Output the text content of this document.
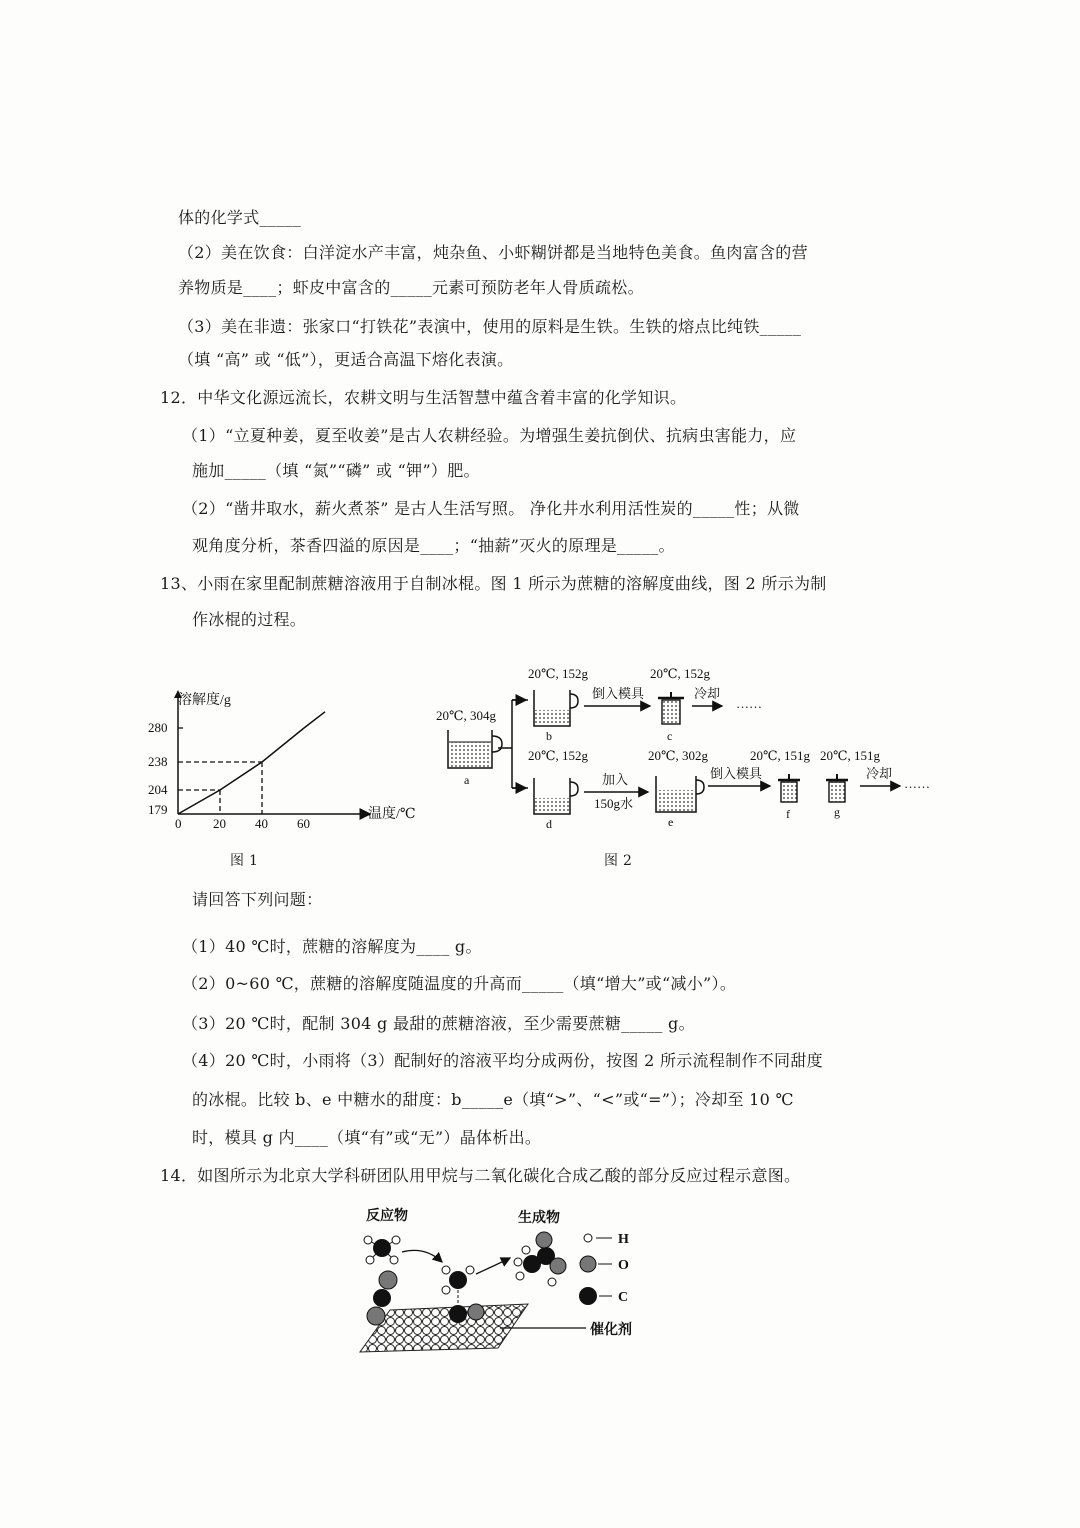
体的化学式_____
（2）美在饮食：白洋淀水产丰富，炖杂鱼、小虾糊饼都是当地特色美食。鱼肉富含的营
养物质是____；虾皮中富含的_____元素可预防老年人骨质疏松。
（3）美在非遗：张家口“打铁花”表演中，使用的原料是生铁。生铁的熔点比纯铁_____
（填 “高” 或 “低”），更适合高温下熔化表演。
12．中华文化源远流长，农耕文明与生活智慧中蕴含着丰富的化学知识。
（1）“立夏种姜，夏至收姜”是古人农耕经验。为增强生姜抗倒伏、抗病虫害能力，应
施加_____（填 “氮”“磷” 或 “钾”）肥。
（2）“凿井取水，薪火煮茶” 是古人生活写照。 净化井水利用活性炭的_____性；从微
观角度分析，茶香四溢的原因是____；“抽薪”灭火的原理是_____。
13、小雨在家里配制蔗糖溶液用于自制冰棍。图 1 所示为蔗糖的溶解度曲线，图 2 所示为制
作冰棍的过程。
溶解度/g
温度/℃
0 20 40 60
179
204
238
280
图 1
20℃, 304g
a
20℃, 152g
b
倒入模具
20℃, 152g
c
冷却
……
20℃, 152g
d
加入
150g水
20℃, 302g
e
倒入模具
20℃, 151g
f
20℃, 151g
g
冷却
……
图 2
请回答下列问题：
（1）40 ℃时，蔗糖的溶解度为____ g。
（2）0~60 ℃，蔗糖的溶解度随温度的升高而_____（填“增大”或“减小”）。
（3）20 ℃时，配制 304 g 最甜的蔗糖溶液，至少需要蔗糖_____ g。
（4）20 ℃时，小雨将（3）配制好的溶液平均分成两份，按图 2 所示流程制作不同甜度
的冰棍。比较 b、e 中糖水的甜度：b_____e（填“>”、“<”或“=”）；冷却至 10 ℃
时，模具 g 内____（填“有”或“无”）晶体析出。
14．如图所示为北京大学科研团队用甲烷与二氧化碳化合成乙酸的部分反应过程示意图。
反应物	生成物
催化剂
H
O
C
